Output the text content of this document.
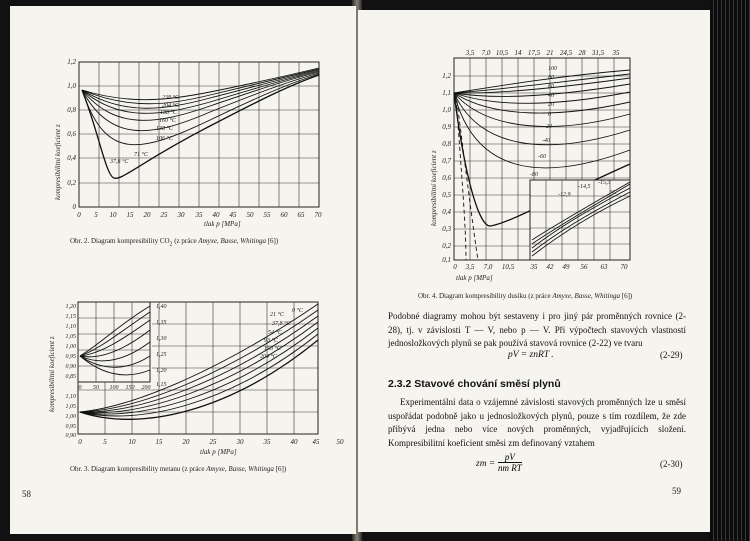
238 °C
204 °C
188 °C
160 °C
138 °C
106 °C
71 °C
37,8 °C
0
0,2
0,4
0,6
0,8
1,0
1,2
0 5 10 15 20 25 30 35 40 45 50 55 60 65 70
kompresibilitní koeficient z
tlak p [MPa]
Obr. 2. Diagram kompresibility $CO_2$ (z práce Amyxe, Basse, Whitinga [6])
0 °C
21 °C
37,8 °C
54 °C
93 °C
150 °C
204 °C
1,20
1,15
1,10
1,05
1,00
0,95
0,90
0,85
1,10
1,05
1,00
0,95
0,90
1,40
1,35
1,30
1,25
1,20
1,15
0 50 100 150 200
0	5	10	15	20	25	30	35	40 45 50
kompresibilitní koeficient z
tlak p [MPa]
Obr. 3. Diagram kompresibility metanu (z práce Amyxe, Basse, Whitinga [6])
58
100
80
60
40
20
0
-20
-40
-60
-80
-12,9
-14,5
-15,3
°C
0,1
0,2
0,3
0,4
0,5
0,6
0,7
0,8
0,9
1,0
1,1
1,2
3,5 7,0 10,5 14 17,5 21 24,5 28 31,5 35
0 3,5 7,0 10,5 35 42 49 56 63 70
kompresibilitní koeficient z
tlak p [MPa]
Obr. 4. Diagram kompresibility dusíku (z práce Amyxe, Basse, Whitinga [6])
Podobné diagramy mohou být sestaveny i pro jiný pár proměnných rovnice (2-28), tj. v závislosti T — V, nebo p — V. Při výpočtech stavových vlastností jednosložkových plynů se pak používá stavová rovnice (2-22) ve tvaru
pV = znRT .	(2-29)
2.3.2 Stavové chování směsí plynů
Experimentální data o vzájemné závislosti stavových proměnných lze u směsí uspořádat podobně jako u jednosložkových plynů, pouze s tím rozdílem, že zde přibývá jedna nebo více nových proměnných, vyjadřujících složení. Kompresibilitní koeficient směsi zm definovaný vztahem
zm = $\frac{pV}{\text{nm RT}}$	(2-30)
59
